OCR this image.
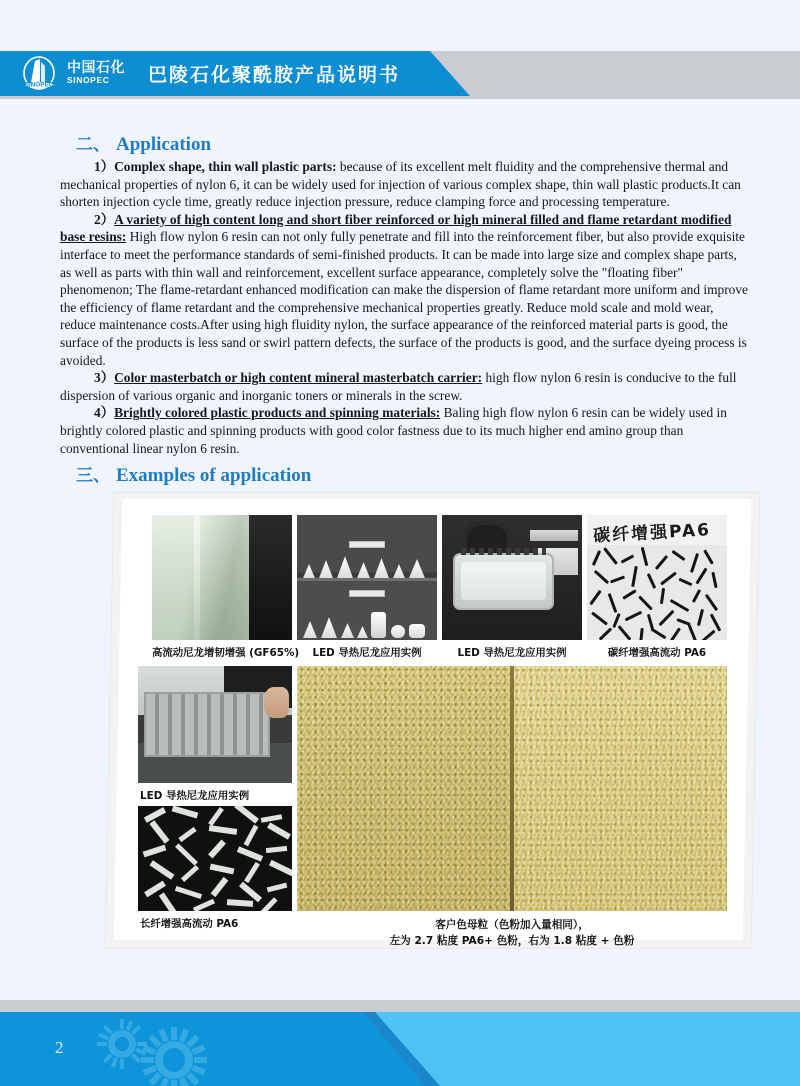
SINOPEC
中国石化
SINOPEC	巴陵石化聚酰胺产品说明书
二、 Application

1）Complex shape, thin wall plastic parts: because of its excellent melt fluidity and the comprehensive thermal and mechanical properties of nylon 6, it can be widely used for injection of various complex shape, thin wall plastic products.It can shorten injection cycle time, greatly reduce injection pressure, reduce clamping force and processing temperature.

2）A variety of high content long and short fiber reinforced or high mineral filled and flame retardant modified base resins: High flow nylon 6 resin can not only fully penetrate and fill into the reinforcement fiber, but also provide exquisite interface to meet the performance standards of semi-finished products. It can be made into large size and complex shape parts, as well as parts with thin wall and reinforcement, excellent surface appearance, completely solve the "floating fiber" phenomenon; The flame-retardant enhanced modification can make the dispersion of flame retardant more uniform and improve the efficiency of flame retardant and the comprehensive mechanical properties greatly. Reduce mold scale and mold wear, reduce maintenance costs.After using high fluidity nylon, the surface appearance of the reinforced material parts is good, the surface of the products is less sand or swirl pattern defects, the surface of the products is good, and the surface dyeing process is avoided.

3）Color masterbatch or high content mineral masterbatch carrier: high flow nylon 6 resin is conducive to the full dispersion of various organic and inorganic toners or minerals in the screw.

4）Brightly colored plastic products and spinning materials: Baling high flow nylon 6 resin can be widely used in brightly colored plastic and spinning products with good color fastness due to its much higher end amino group than conventional linear nylon 6 resin.

三、 Examples of application
高流动尼龙增韧增强 (GF65%)	LED 导热尼龙应用实例	LED 导热尼龙应用实例
碳纤增强PA6
碳纤增强高流动 PA6
LED 导热尼龙应用实例
长纤增强高流动 PA6	客户色母粒（色粉加入量相同），
左为 2.7 粘度 PA6+ 色粉，右为 1.8 粘度 + 色粉
2
